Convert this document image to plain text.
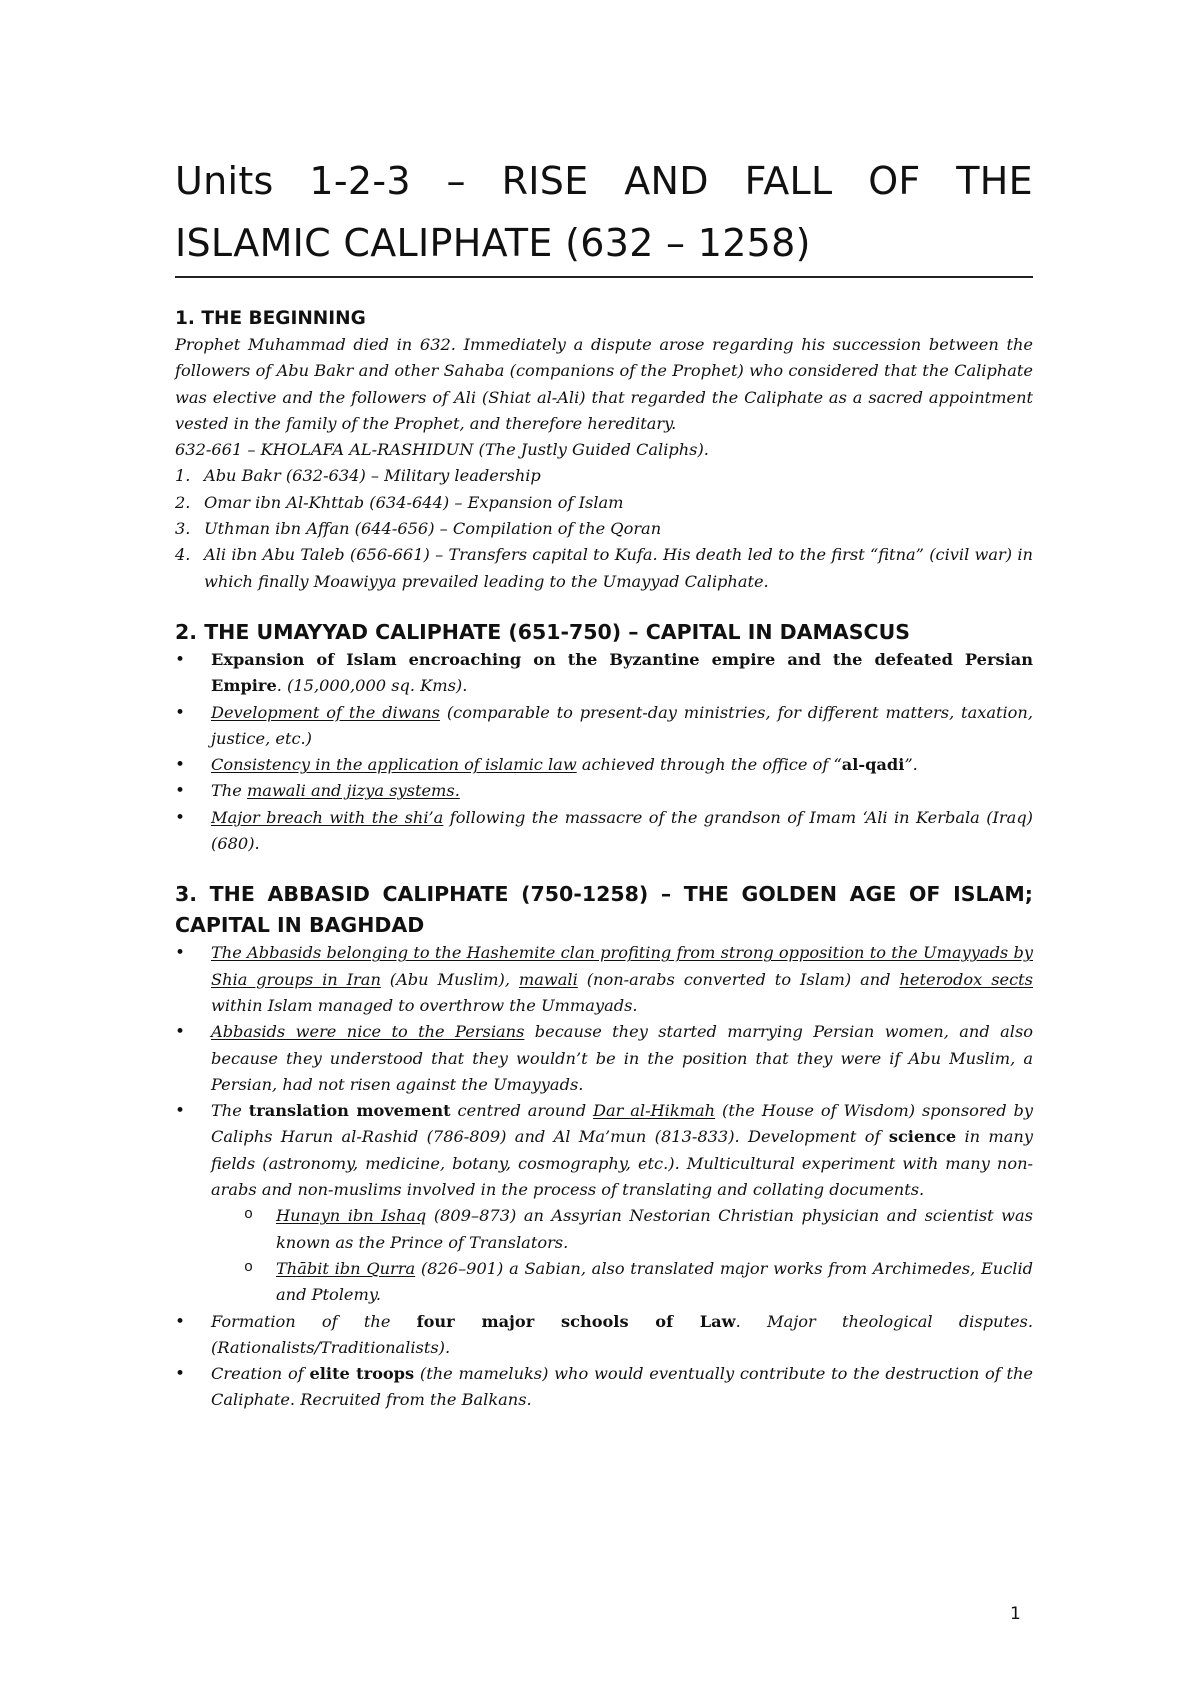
Units 1-2-3 – RISE AND FALL OF THE
ISLAMIC CALIPHATE (632 – 1258)
1. THE BEGINNING

Prophet Muhammad died in 632. Immediately a dispute arose regarding his succession between the followers of Abu Bakr and other Sahaba (companions of the Prophet) who considered that the Caliphate was elective and the followers of Ali (Shiat al-Ali) that regarded the Caliphate as a sacred appointment vested in the family of the Prophet, and therefore hereditary.

632-661 – KHOLAFA AL-RASHIDUN (The Justly Guided Caliphs).

1. Abu Bakr (632-634) – Military leadership
2. Omar ibn Al-Khttab (634-644) – Expansion of Islam
3. Uthman ibn Affan (644-656) – Compilation of the Qoran
4. Ali ibn Abu Taleb (656-661) – Transfers capital to Kufa. His death led to the first “fitna” (civil war) in which finally Moawiyya prevailed leading to the Umayyad Caliphate.
2. THE UMAYYAD CALIPHATE (651-750) – CAPITAL IN DAMASCUS
• Expansion of Islam encroaching on the Byzantine empire and the defeated Persian Empire. (15,000,000 sq. Kms).
• Development of the diwans (comparable to present-day ministries, for different matters, taxation, justice, etc.)
• Consistency in the application of islamic law achieved through the office of “al-qadi”.
• The mawali and jizya systems.
• Major breach with the shi’a following the massacre of the grandson of Imam ‘Ali in Kerbala (Iraq) (680).
3. THE ABBASID CALIPHATE (750-1258) – THE GOLDEN AGE OF ISLAM;
CAPITAL IN BAGHDAD
• The Abbasids belonging to the Hashemite clan profiting from strong opposition to the Umayyads by Shia groups in Iran (Abu Muslim), mawali (non-arabs converted to Islam) and heterodox sects within Islam managed to overthrow the Ummayads.
• Abbasids were nice to the Persians because they started marrying Persian women, and also because they understood that they wouldn’t be in the position that they were if Abu Muslim, a Persian, had not risen against the Umayyads.
• The translation movement centred around Dar al-Hikmah (the House of Wisdom) sponsored by Caliphs Harun al-Rashid (786-809) and Al Ma’mun (813-833). Development of science in many fields (astronomy, medicine, botany, cosmography, etc.). Multicultural experiment with many non-arabs and non-muslims involved in the process of translating and collating documents.
o Hunayn ibn Ishaq (809–873) an Assyrian Nestorian Christian physician and scientist was known as the Prince of Translators.
o Thābit ibn Qurra (826–901) a Sabian, also translated major works from Archimedes, Euclid and Ptolemy.
• Formation of the four major schools of Law. Major theological disputes. (Rationalists/Traditionalists).
• Creation of elite troops (the mameluks) who would eventually contribute to the destruction of the Caliphate. Recruited from the Balkans.
1
